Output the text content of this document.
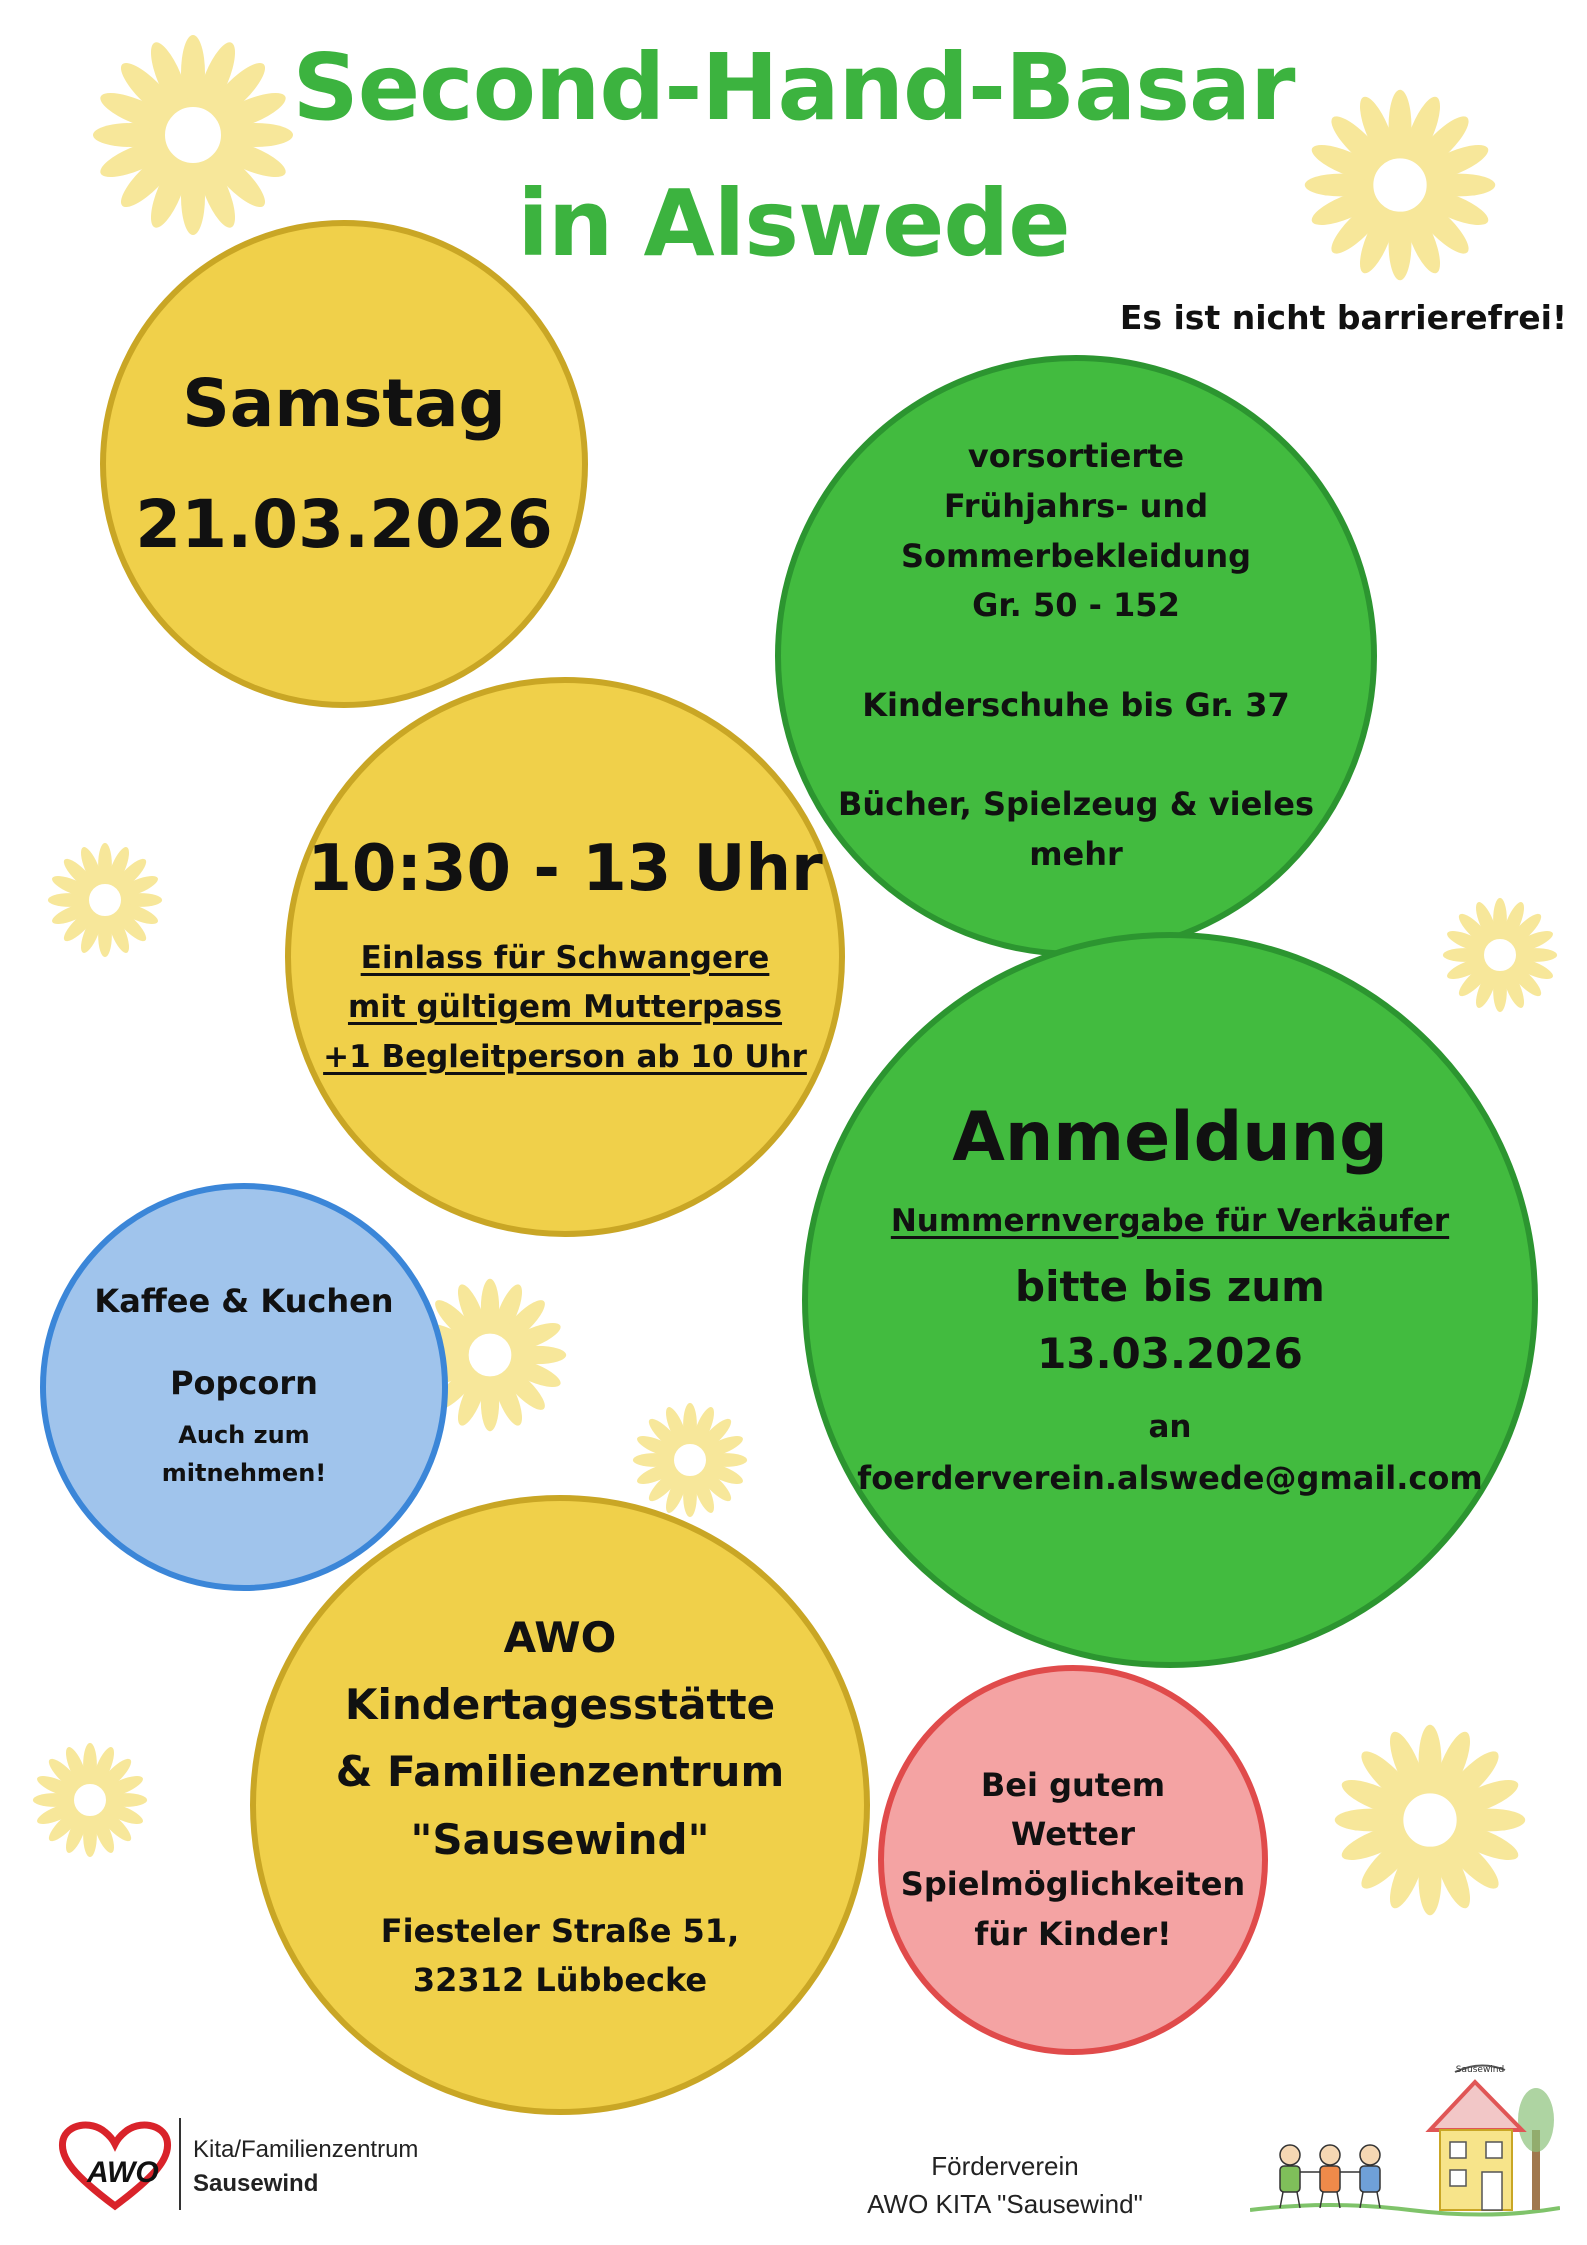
Second-Hand-Basar
in Alswede
Es ist nicht barrierefrei!
Samstag
21.03.2026
vorsortierte
Frühjahrs- und
Sommerbekleidung
Gr. 50 - 152
Kinderschuhe bis Gr. 37
Bücher, Spielzeug & vieles
mehr
10:30 - 13 Uhr
Einlass für Schwangere
mit gültigem Mutterpass
+1 Begleitperson ab 10 Uhr
Anmeldung
Nummernvergabe für Verkäufer
bitte bis zum
13.03.2026
an
foerderverein.alswede@gmail.com
Kaffee & Kuchen
Popcorn
Auch zum
mitnehmen!
AWO
Kindertagesstätte
& Familienzentrum
"Sausewind"
Fiesteler Straße 51,
32312 Lübbecke
Bei gutem
Wetter
Spielmöglichkeiten
für Kinder!
AWO
Kita/Familienzentrum
Sausewind
Förderverein
AWO KITA "Sausewind"
Sausewind
